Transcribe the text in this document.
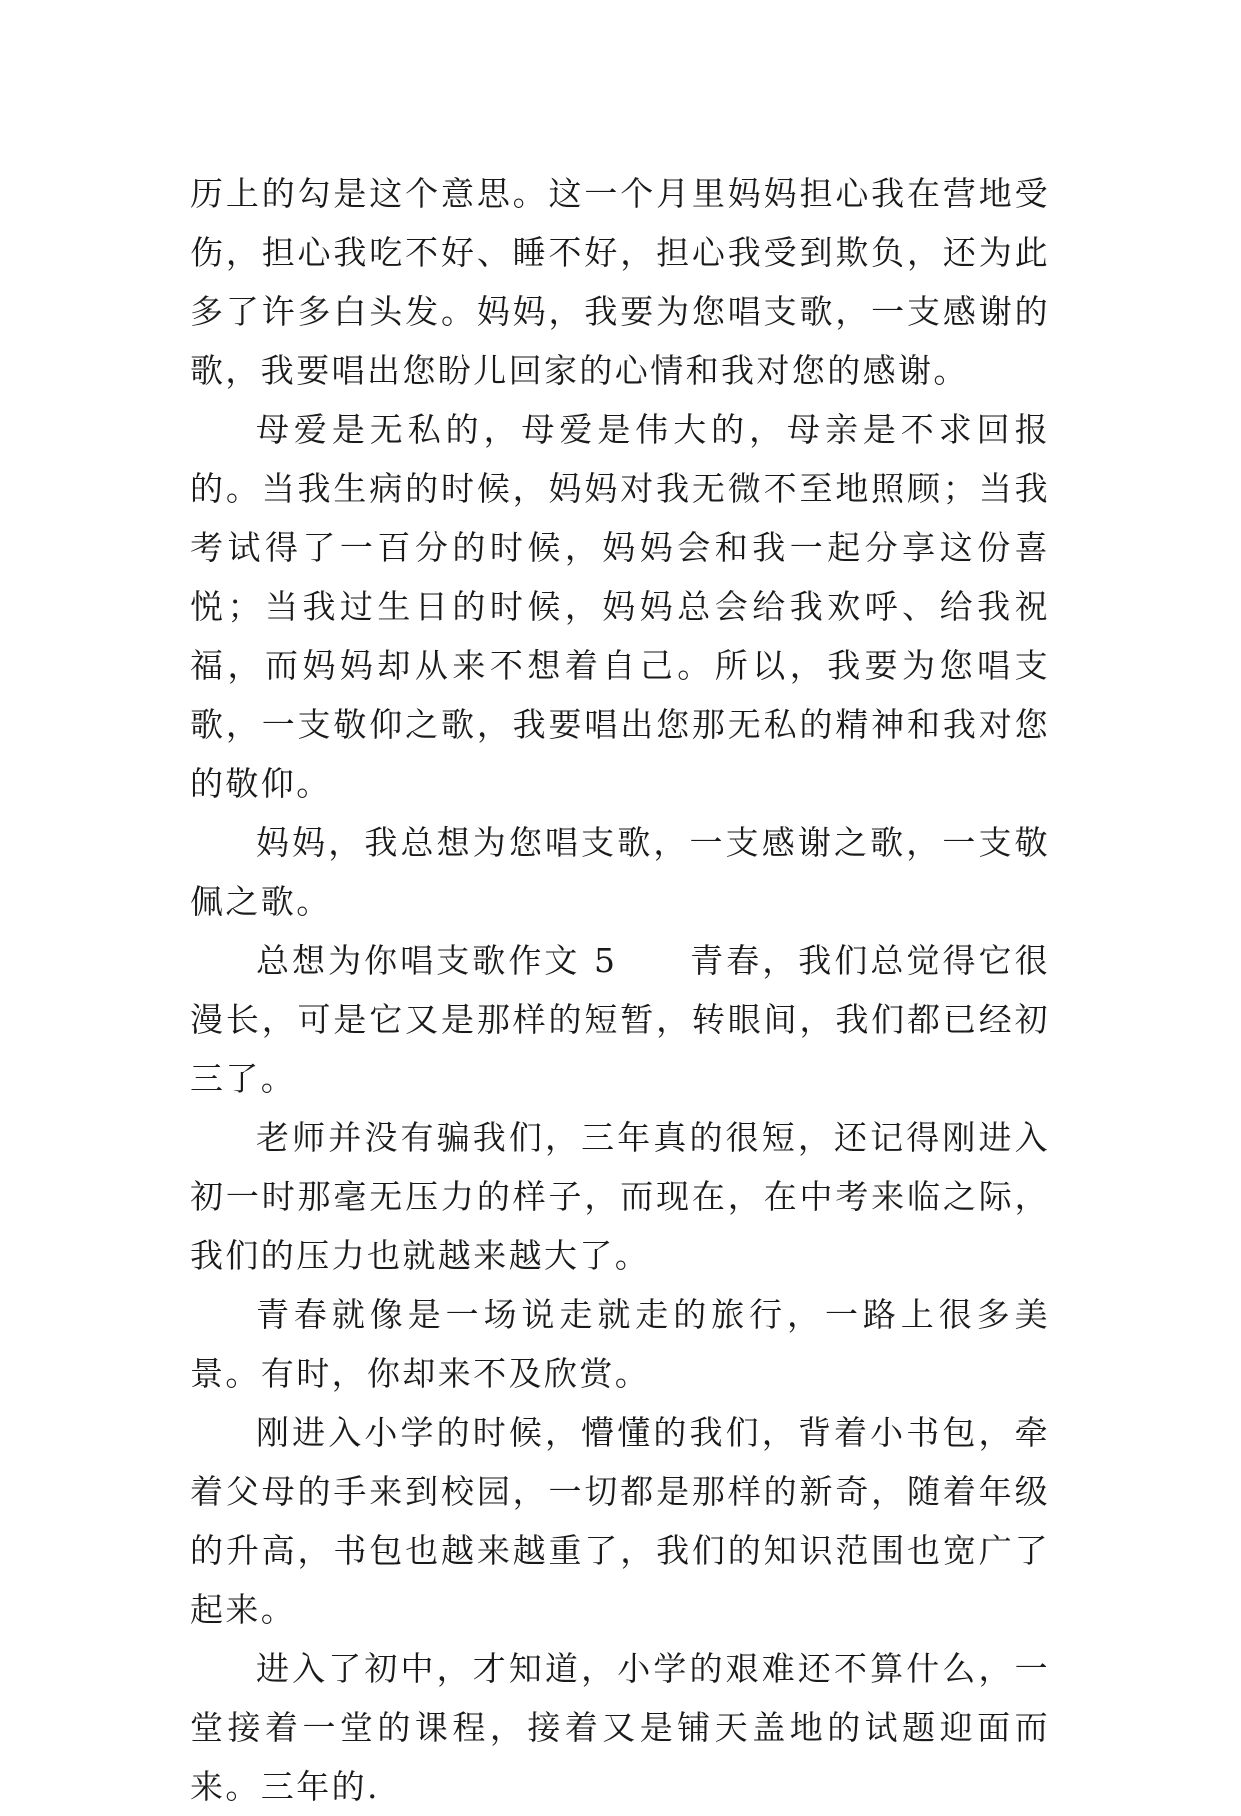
历上的勾是这个意思。这一个月里妈妈担心我在营地受伤，担心我吃不好、睡不好，担心我受到欺负，还为此多了许多白头发。妈妈，我要为您唱支歌，一支感谢的歌，我要唱出您盼儿回家的心情和我对您的感谢。

母爱是无私的，母爱是伟大的，母亲是不求回报的。当我生病的时候，妈妈对我无微不至地照顾；当我考试得了一百分的时候，妈妈会和我一起分享这份喜悦；当我过生日的时候，妈妈总会给我欢呼、给我祝福，而妈妈却从来不想着自己。所以，我要为您唱支歌，一支敬仰之歌，我要唱出您那无私的精神和我对您的敬仰。

妈妈，我总想为您唱支歌，一支感谢之歌，一支敬佩之歌。

总想为你唱支歌作文 5　　青春，我们总觉得它很漫长，可是它又是那样的短暂，转眼间，我们都已经初三了。

老师并没有骗我们，三年真的很短，还记得刚进入初一时那毫无压力的样子，而现在，在中考来临之际，我们的压力也就越来越大了。

青春就像是一场说走就走的旅行，一路上很多美景。有时，你却来不及欣赏。

刚进入小学的时候，懵懂的我们，背着小书包，牵着父母的手来到校园，一切都是那样的新奇，随着年级的升高，书包也越来越重了，我们的知识范围也宽广了起来。

进入了初中，才知道，小学的艰难还不算什么，一堂接着一堂的课程，接着又是铺天盖地的试题迎面而来。三年的.
